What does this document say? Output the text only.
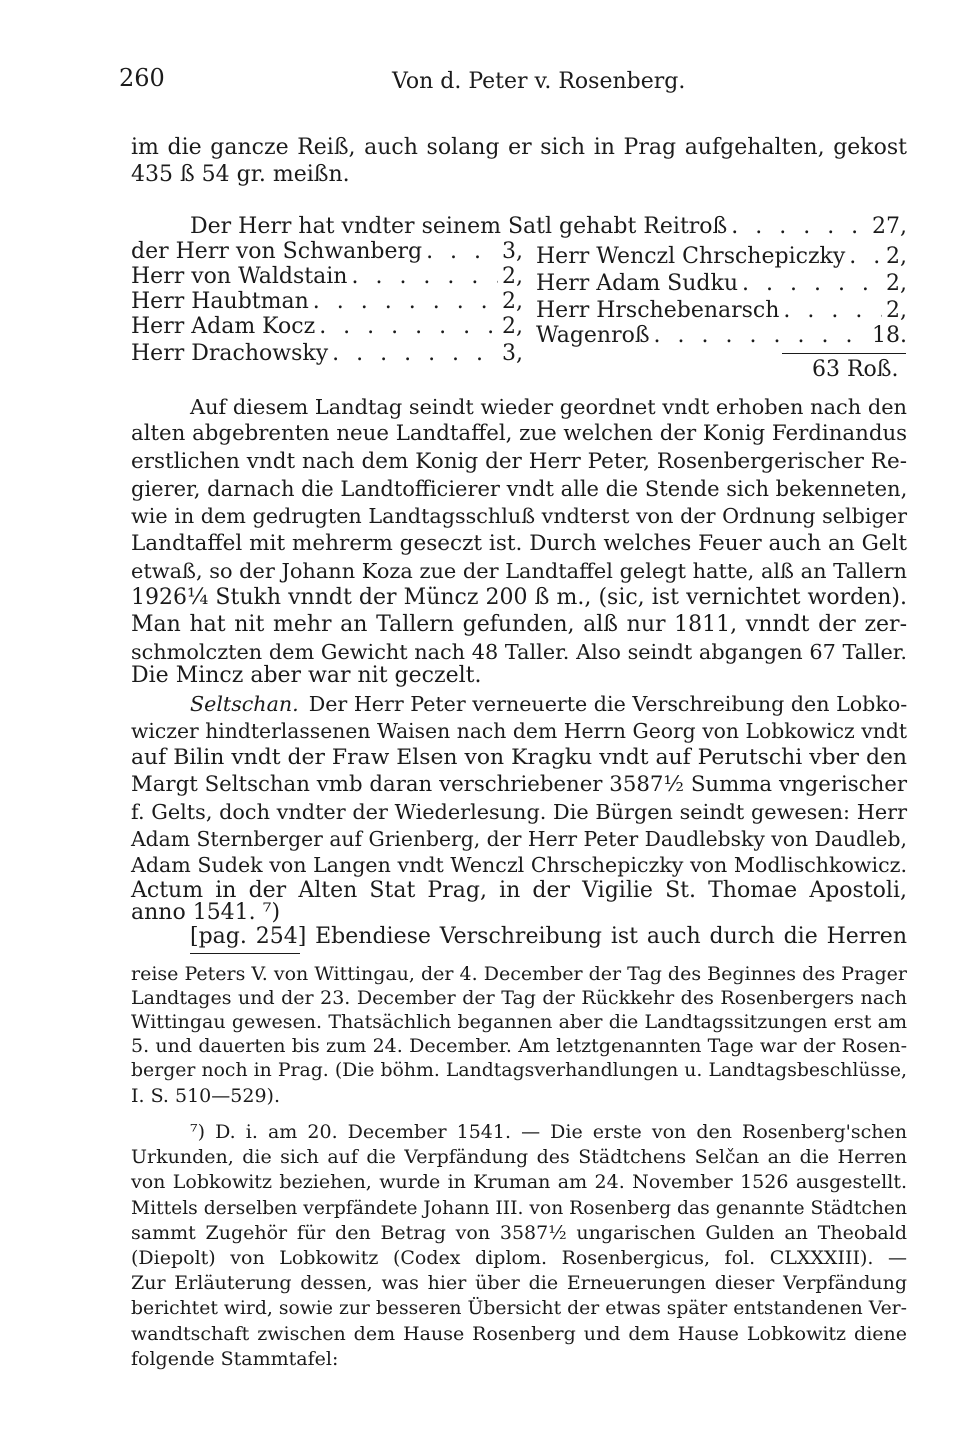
260	Von d. Peter v. Rosenberg.
im die gancze Reiß, auch solang er sich in Prag aufgehalten, gekost
435 ß 54 gr. meißn.
Der Herr hat vndter seinem Satl gehabt Reitroß . . .	27,
der Herr von Schwanberg . . .	3,
Herr von Waldstain . . .	2,
Herr Haubtman . . .	2,
Herr Adam Kocz . . .	2,
Herr Drachowsky . . .	3,
Herr Wenczl Chrschepiczky . . . 2,
Herr Adam Sudku . . .	2,
Herr Hrschebenarsch . . .	2,
Wagenroß . . .	18.
63 Roß.
Auf diesem Landtag seindt wieder geordnet vndt erhoben nach den
alten abgebrenten neue Landtaffel, zue welchen der Konig Ferdinandus
erstlichen vndt nach dem Konig der Herr Peter, Rosenbergerischer Re-
gierer, darnach die Landtofficierer vndt alle die Stende sich bekenneten,
wie in dem gedrugten Landtagsschluß vndterst von der Ordnung selbiger
Landtaffel mit mehrerm geseczt ist. Durch welches Feuer auch an Gelt
etwaß, so der Johann Koza zue der Landtaffel gelegt hatte, alß an Tallern
1926¼ Stukh vnndt der Müncz 200 ß m., (sic, ist vernichtet worden).
Man hat nit mehr an Tallern gefunden, alß nur 1811, vnndt der zer-
schmolczten dem Gewicht nach 48 Taller. Also seindt abgangen 67 Taller.
Die Mincz aber war nit geczelt.
Seltschan. Der Herr Peter verneuerte die Verschreibung den Lobko-
wiczer hindterlassenen Waisen nach dem Herrn Georg von Lobkowicz vndt
auf Bilin vndt der Fraw Elsen von Kragku vndt auf Perutschi vber den
Margt Seltschan vmb daran verschriebener 3587½ Summa vngerischer
f. Gelts, doch vndter der Wiederlesung. Die Bürgen seindt gewesen: Herr
Adam Sternberger auf Grienberg, der Herr Peter Daudlebsky von Daudleb,
Adam Sudek von Langen vndt Wenczl Chrschepiczky von Modlischkowicz.
Actum in der Alten Stat Prag, in der Vigilie St. Thomae Apostoli,
anno 1541. ⁷)
[pag. 254] Ebendiese Verschreibung ist auch durch die Herren
reise Peters V. von Wittingau, der 4. December der Tag des Beginnes des Prager
Landtages und der 23. December der Tag der Rückkehr des Rosenbergers nach
Wittingau gewesen. Thatsächlich begannen aber die Landtagssitzungen erst am
5. und dauerten bis zum 24. December. Am letztgenannten Tage war der Rosen-
berger noch in Prag. (Die böhm. Landtagsverhandlungen u. Landtagsbeschlüsse,
I. S. 510—529).
⁷) D. i. am 20. December 1541. — Die erste von den Rosenberg'schen
Urkunden, die sich auf die Verpfändung des Städtchens Selčan an die Herren
von Lobkowitz beziehen, wurde in Kruman am 24. November 1526 ausgestellt.
Mittels derselben verpfändete Johann III. von Rosenberg das genannte Städtchen
sammt Zugehör für den Betrag von 3587½ ungarischen Gulden an Theobald
(Diepolt) von Lobkowitz (Codex diplom. Rosenbergicus, fol. CLXXXIII). —
Zur Erläuterung dessen, was hier über die Erneuerungen dieser Verpfändung
berichtet wird, sowie zur besseren Übersicht der etwas später entstandenen Ver-
wandtschaft zwischen dem Hause Rosenberg und dem Hause Lobkowitz diene
folgende Stammtafel:
